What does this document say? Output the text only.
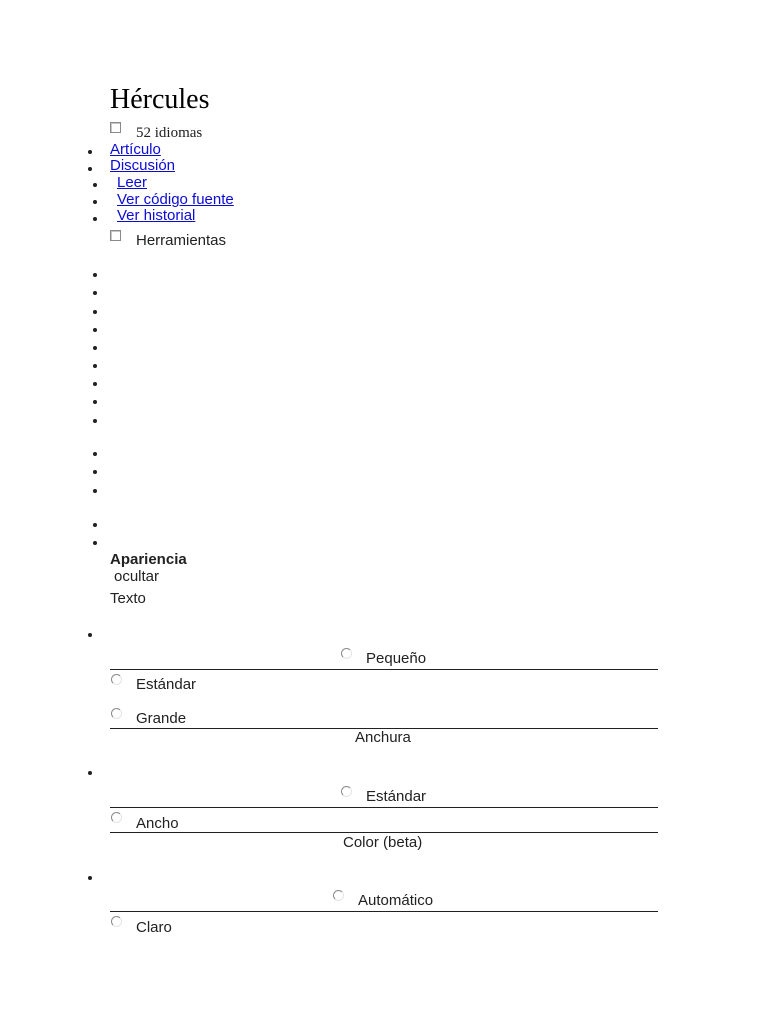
Hércules
52 idiomas
Artículo
Discusión
Leer
Ver código fuente
Ver historial
Herramientas
Apariencia
ocultar
Texto
Pequeño
Estándar
Grande
Anchura
Estándar
Ancho
Color (beta)
Automático
Claro
